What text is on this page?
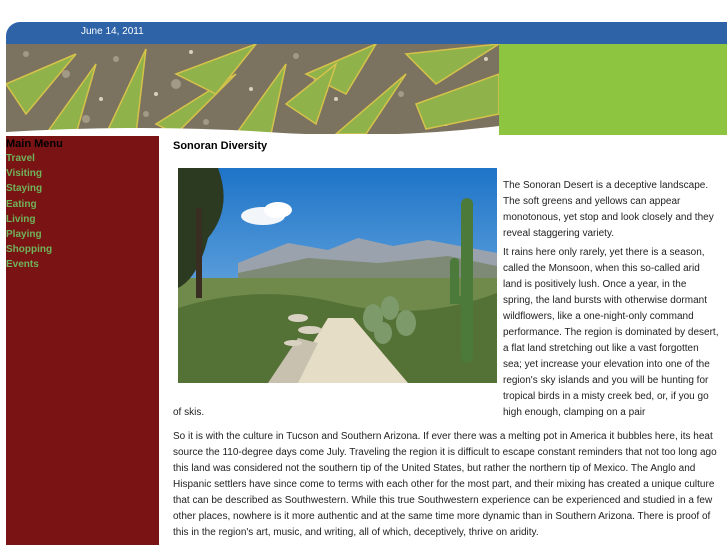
June 14, 2011
Main Menu
Travel
Visiting
Staying
Eating
Living
Playing
Shopping
Events
Sonoran Diversity

The Sonoran Desert is a deceptive landscape. The soft greens and yellows can appear monotonous, yet stop and look closely and they reveal staggering variety.

It rains here only rarely, yet there is a season, called the Monsoon, when this so-called arid land is positively lush. Once a year, in the spring, the land bursts with otherwise dormant wildflowers, like a one-night-only command performance. The region is dominated by desert, a flat land stretching out like a vast forgotten sea; yet increase your elevation into one of the region's sky islands and you will be hunting for tropical birds in a misty creek bed, or, if you go high enough, clamping on a pair

of skis.

So it is with the culture in Tucson and Southern Arizona. If ever there was a melting pot in America it bubbles here, its heat source the 110-degree days come July. Traveling the region it is difficult to escape constant reminders that not too long ago this land was considered not the southern tip of the United States, but rather the northern tip of Mexico. The Anglo and Hispanic settlers have since come to terms with each other for the most part, and their mixing has created a unique culture that can be described as Southwestern. While this true Southwestern experience can be experienced and studied in a few other places, nowhere is it more authentic and at the same time more dynamic than in Southern Arizona. There is proof of this in the region's art, music, and writing, all of which, deceptively, thrive on aridity.
